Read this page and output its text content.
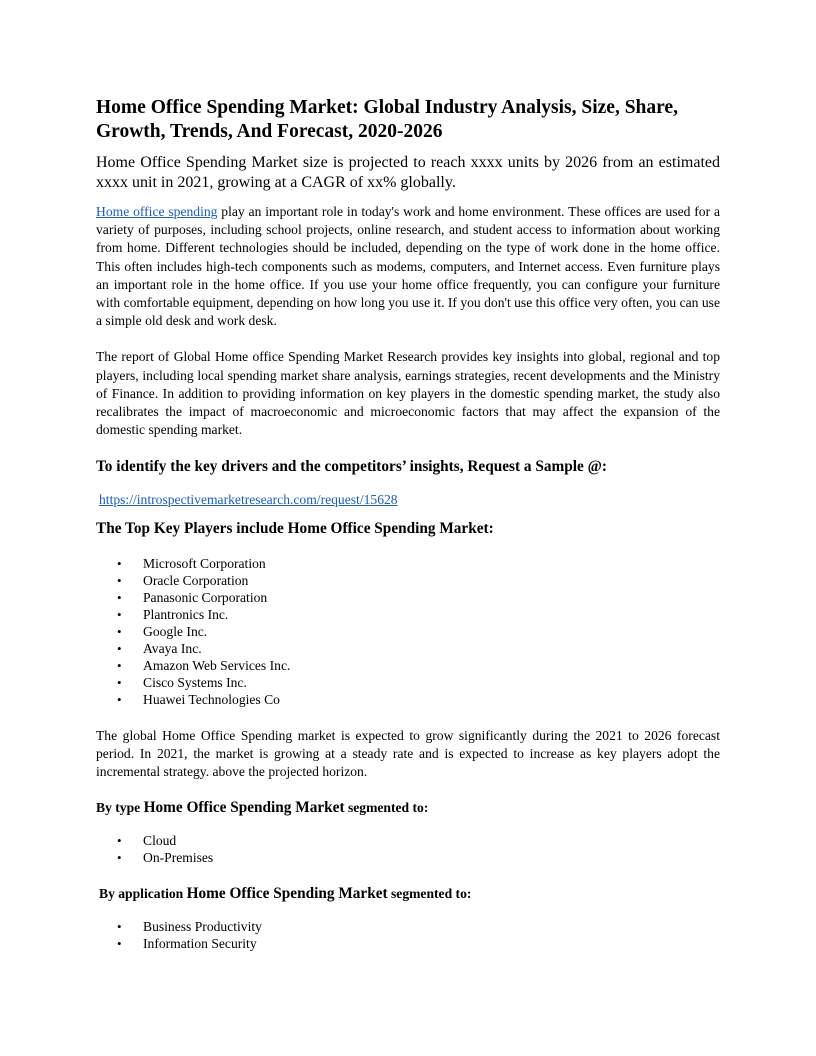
Home Office Spending Market: Global Industry Analysis, Size, Share, Growth, Trends, And Forecast, 2020-2026

Home Office Spending Market size is projected to reach xxxx units by 2026 from an estimated xxxx unit in 2021, growing at a CAGR of xx% globally.

Home office spending play an important role in today's work and home environment. These offices are used for a variety of purposes, including school projects, online research, and student access to information about working from home. Different technologies should be included, depending on the type of work done in the home office. This often includes high-tech components such as modems, computers, and Internet access. Even furniture plays an important role in the home office. If you use your home office frequently, you can configure your furniture with comfortable equipment, depending on how long you use it. If you don't use this office very often, you can use a simple old desk and work desk.

The report of Global Home office Spending Market Research provides key insights into global, regional and top players, including local spending market share analysis, earnings strategies, recent developments and the Ministry of Finance. In addition to providing information on key players in the domestic spending market, the study also recalibrates the impact of macroeconomic and microeconomic factors that may affect the expansion of the domestic spending market.

To identify the key drivers and the competitors’ insights, Request a Sample @:
https://introspectivemarketresearch.com/request/15628
The Top Key Players include Home Office Spending Market:
• Microsoft Corporation
• Oracle Corporation
• Panasonic Corporation
• Plantronics Inc.
• Google Inc.
• Avaya Inc.
• Amazon Web Services Inc.
• Cisco Systems Inc.
• Huawei Technologies Co

The global Home Office Spending market is expected to grow significantly during the 2021 to 2026 forecast period. In 2021, the market is growing at a steady rate and is expected to increase as key players adopt the incremental strategy. above the projected horizon.

By type Home Office Spending Market segmented to:
• Cloud
• On-Premises
By application Home Office Spending Market segmented to:
• Business Productivity
• Information Security
